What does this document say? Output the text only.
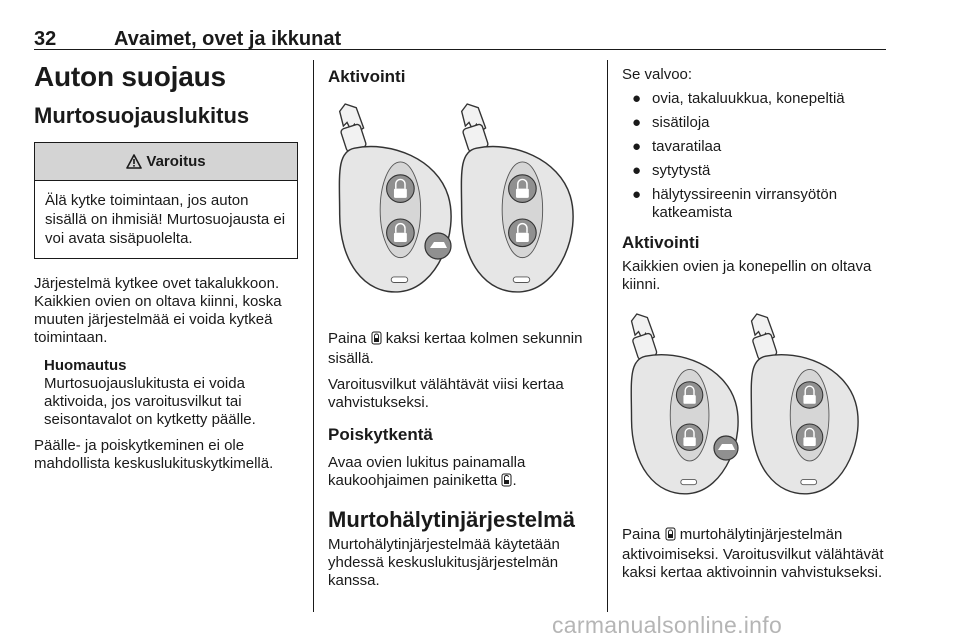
32	Avaimet, ovet ja ikkunat
Auton suojaus
Murtosuojauslukitus
Varoitus
Älä kytke toimintaan, jos auton sisällä on ihmisiä! Murtosuojausta ei voi avata sisäpuolelta.

Järjestelmä kytkee ovet takalukkoon. Kaikkien ovien on oltava kiinni, koska muuten järjestelmää ei voida kytkeä toimintaan.

Huomautus

Murtosuojauslukitusta ei voida aktivoida, jos varoitusvilkut tai seisontavalot on kytketty päälle.

Päälle- ja poiskytkeminen ei ole mahdollista keskuslukituskytkimellä.

Aktivointi

Paina kaksi kertaa kolmen sekunnin sisällä.

Varoitusvilkut välähtävät viisi kertaa vahvistukseksi.

Poiskytkentä

Avaa ovien lukitus painamalla kaukoohjaimen painiketta .

Murtohälytinjärjestelmä

Murtohälytinjärjestelmää käytetään yhdessä keskuslukitusjärjestelmän kanssa.

Se valvoo:

● ovia, takaluukkua, konepeltiä
● sisätiloja
● tavaratilaa
● sytytystä
● hälytyssireenin virransyötön katkeamista
Aktivointi

Kaikkien ovien ja konepellin on oltava kiinni.

Paina murtohälytinjärjestelmän aktivoimiseksi. Varoitusvilkut välähtävät kaksi kertaa aktivoinnin vahvistukseksi.

carmanualsonline.info
